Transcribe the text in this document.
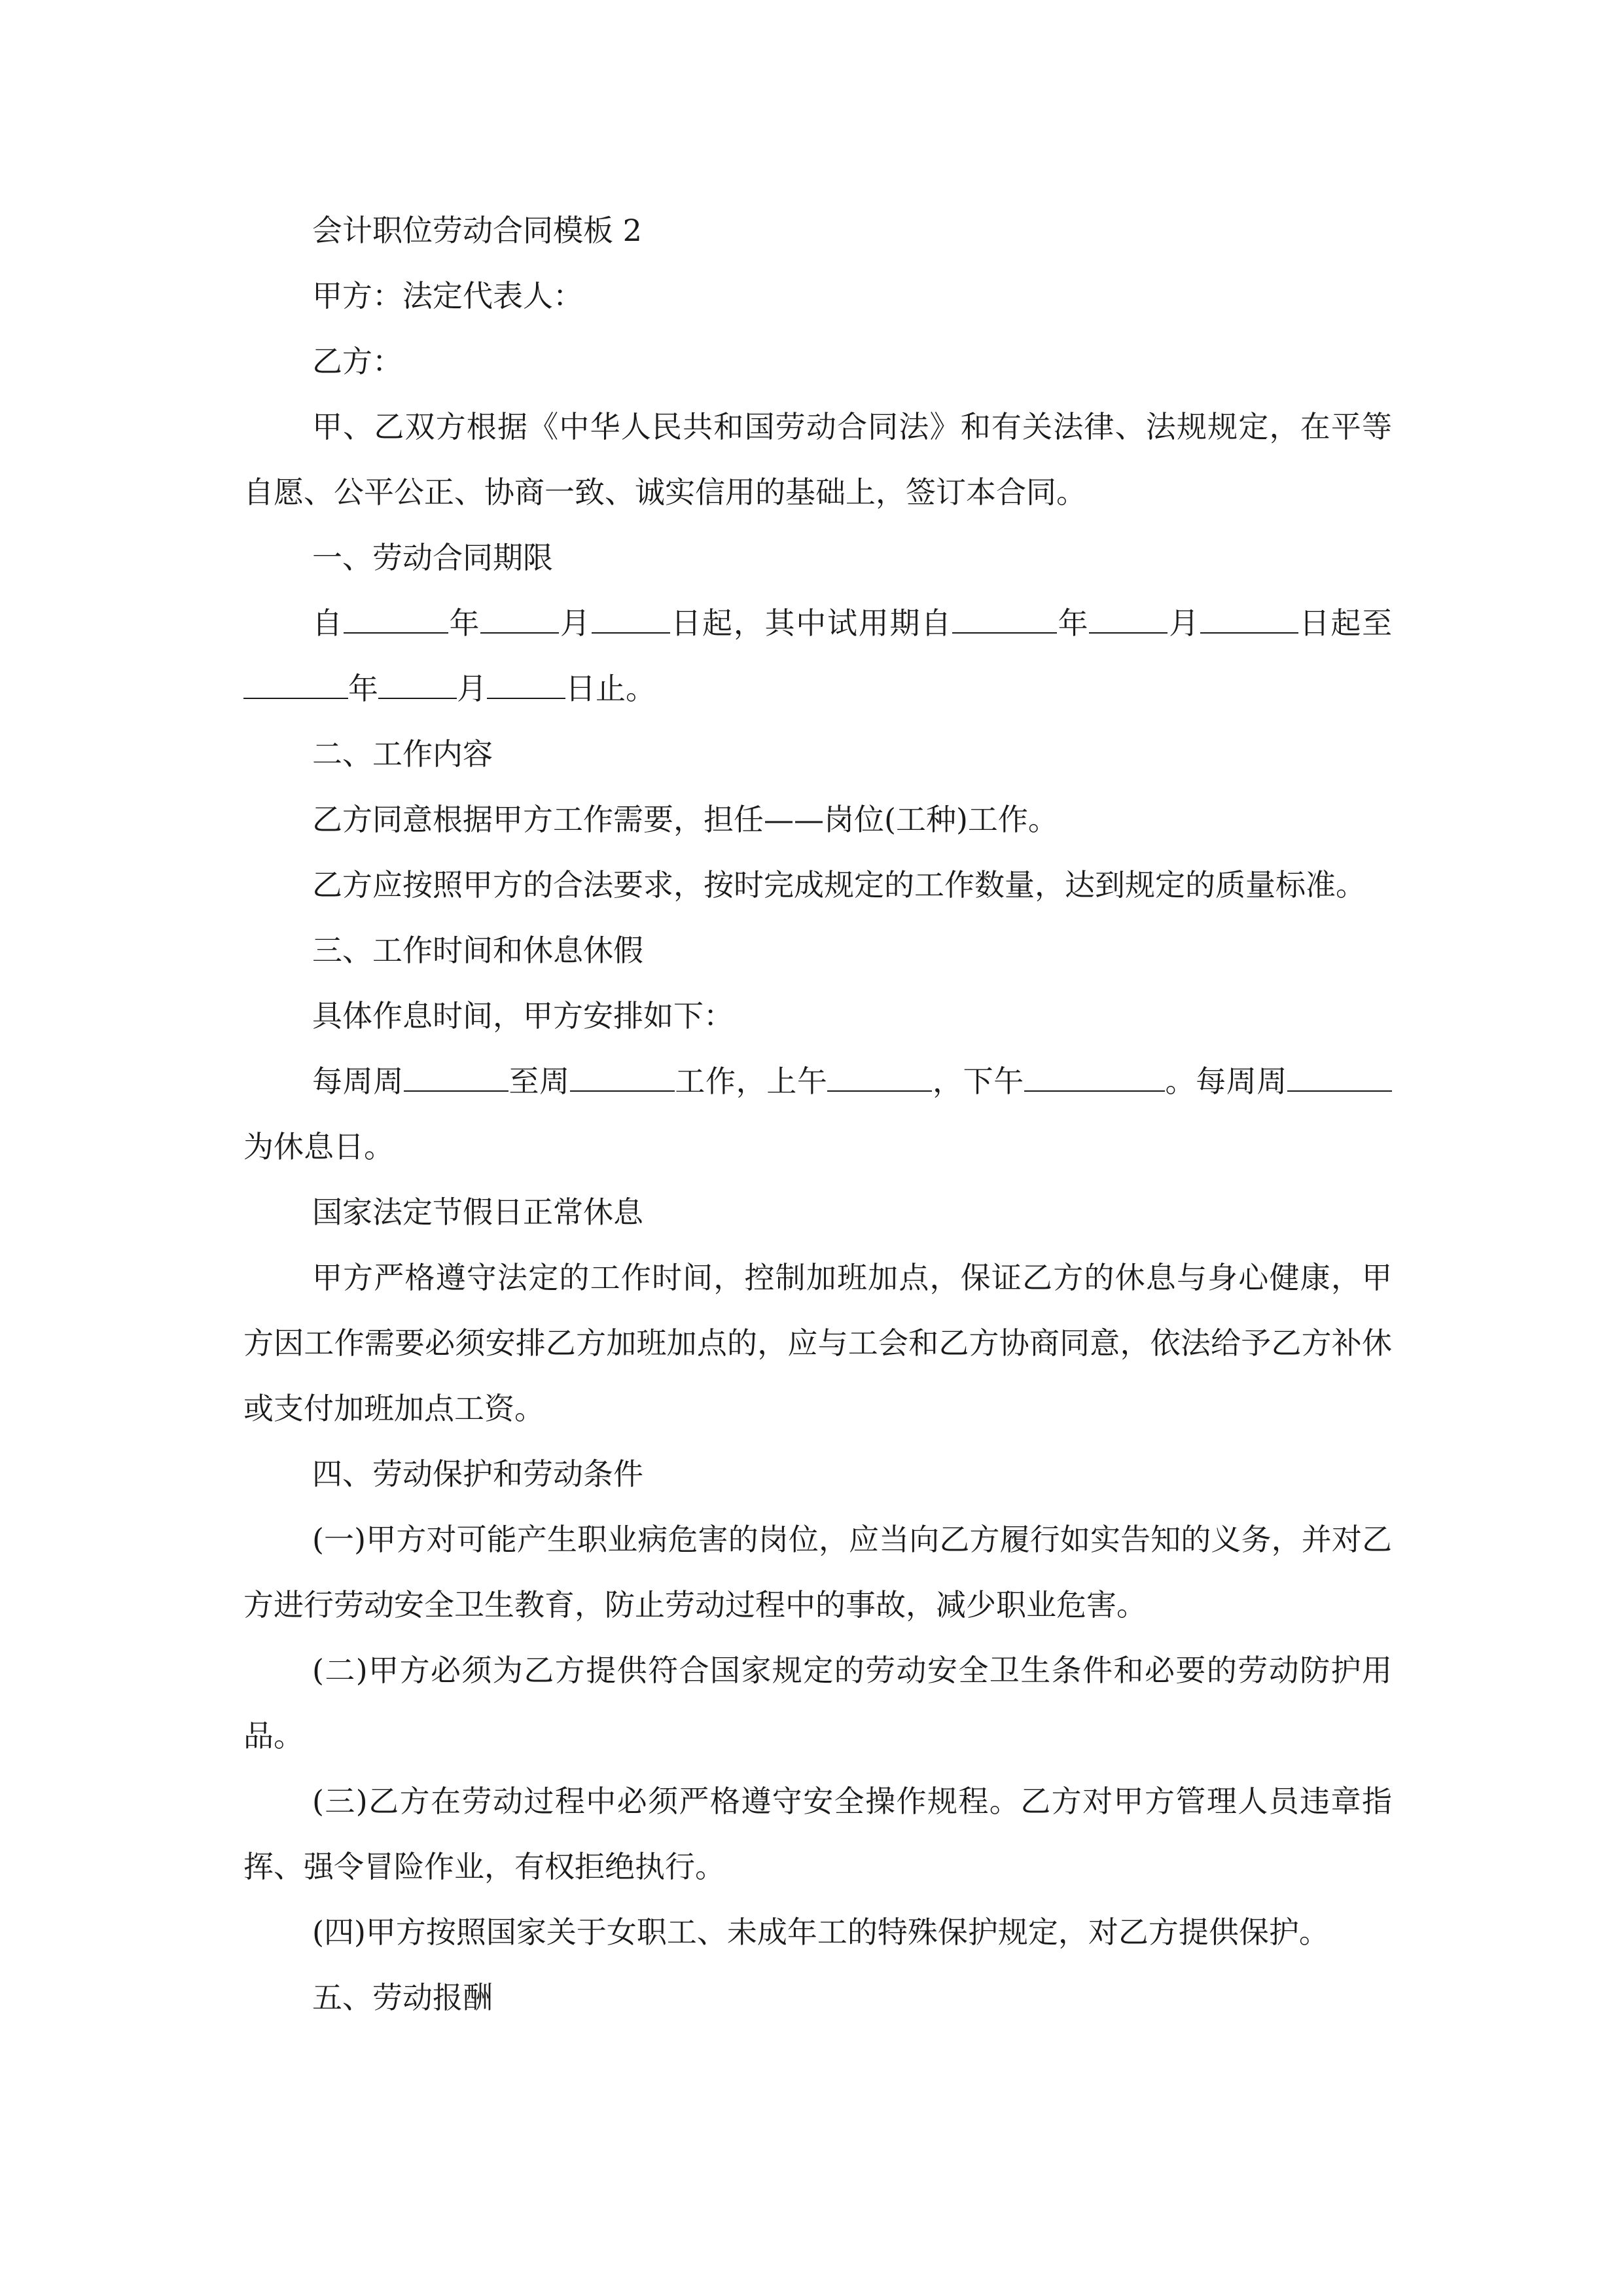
会计职位劳动合同模板 2

甲方：法定代表人：

乙方：

甲、乙双方根据《中华人民共和国劳动合同法》和有关法律、法规规定，在平等自愿、公平公正、协商一致、诚实信用的基础上，签订本合同。

一、劳动合同期限

自	年	月	日起，其中试用期自	年	月	日起至年	月	日止。

二、工作内容

乙方同意根据甲方工作需要，担任——岗位(工种)工作。

乙方应按照甲方的合法要求，按时完成规定的工作数量，达到规定的质量标准。

三、工作时间和休息休假

具体作息时间，甲方安排如下：

每周周	至周	工作，上午	，下午	。每周周为休息日。

国家法定节假日正常休息

甲方严格遵守法定的工作时间，控制加班加点，保证乙方的休息与身心健康，甲方因工作需要必须安排乙方加班加点的，应与工会和乙方协商同意，依法给予乙方补休或支付加班加点工资。

四、劳动保护和劳动条件

(一)甲方对可能产生职业病危害的岗位，应当向乙方履行如实告知的义务，并对乙方进行劳动安全卫生教育，防止劳动过程中的事故，减少职业危害。

(二)甲方必须为乙方提供符合国家规定的劳动安全卫生条件和必要的劳动防护用品。

(三)乙方在劳动过程中必须严格遵守安全操作规程。乙方对甲方管理人员违章指挥、强令冒险作业，有权拒绝执行。

(四)甲方按照国家关于女职工、未成年工的特殊保护规定，对乙方提供保护。

五、劳动报酬
